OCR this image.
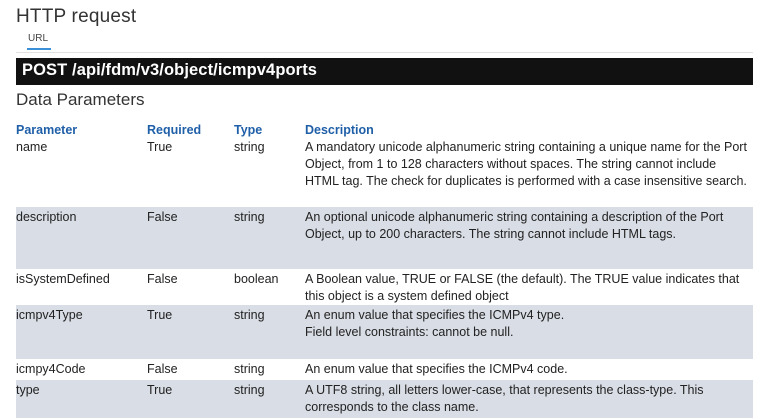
HTTP request
URL
POST /api/fdm/v3/object/icmpv4ports
Data Parameters
Parameter	Required	Type	Description
name	True	string	A mandatory unicode alphanumeric string containing a unique name for the Port Object, from 1 to 128 characters without spaces. The string cannot include HTML tag. The check for duplicates is performed with a case insensitive search.
description	False	string	An optional unicode alphanumeric string containing a description of the Port Object, up to 200 characters. The string cannot include HTML tags.
isSystemDefined	False	boolean	A Boolean value, TRUE or FALSE (the default). The TRUE value indicates that this object is a system defined object
icmpv4Type	True	string	An enum value that specifies the ICMPv4 type.
Field level constraints: cannot be null.

icmpy4Code	False	string	An enum value that specifies the ICMPv4 code.
type	True	string	A UTF8 string, all letters lower-case, that represents the class-type. This corresponds to the class name.
